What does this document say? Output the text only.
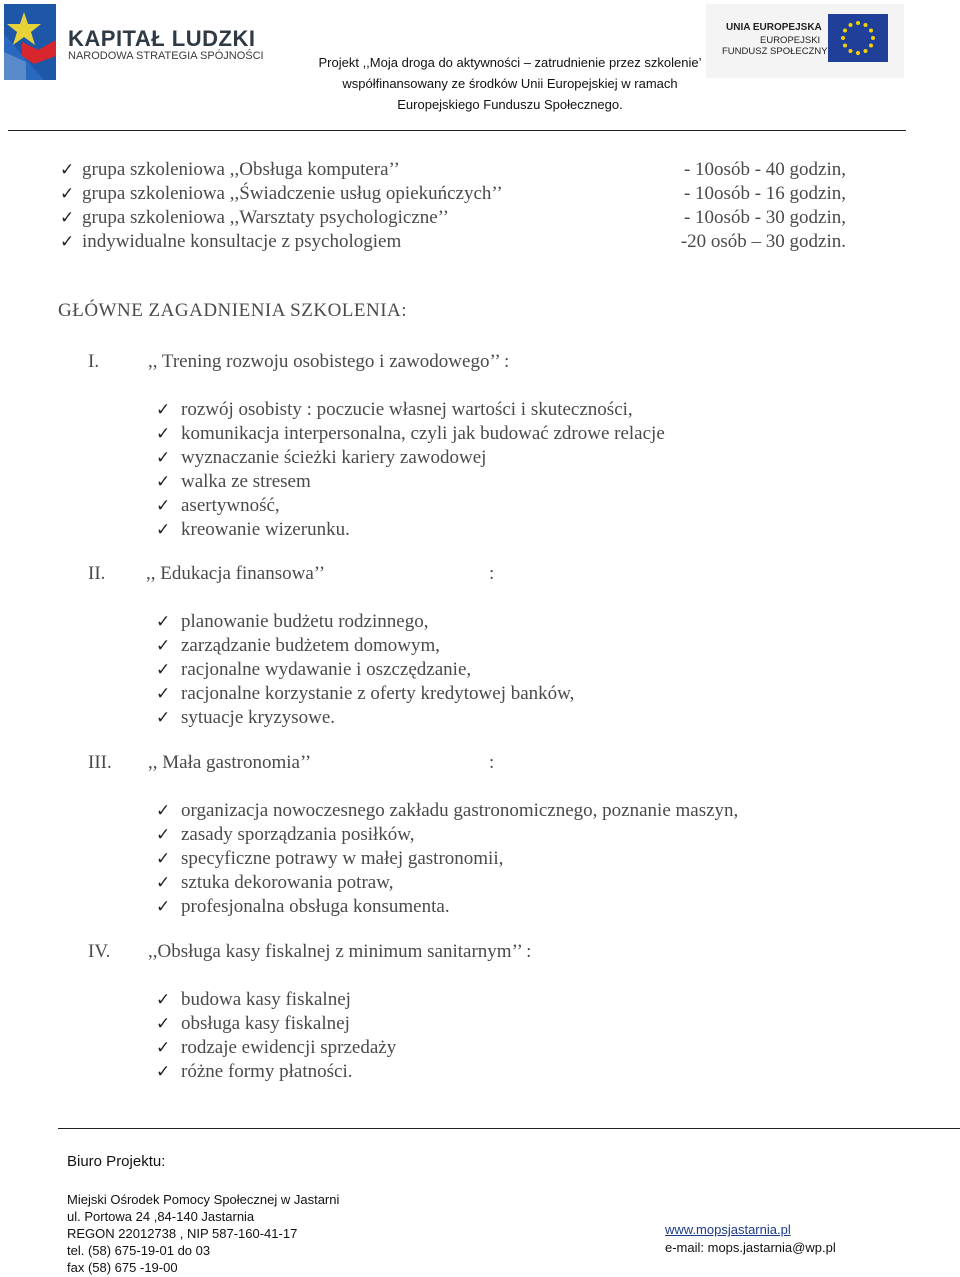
KAPITAŁ LUDZKI
NARODOWA STRATEGIA SPÓJNOŚCI	Projekt ,,Moja droga do aktywności – zatrudnienie przez szkolenie’
współfinansowany ze środków Unii Europejskiej w ramach
Europejskiego Funduszu Społecznego.
UNIA EUROPEJSKA
EUROPEJSKI
FUNDUSZ SPOŁECZNY
✓ grupa szkoleniowa ,,Obsługa komputera’’	- 10osób - 40 godzin,
✓ grupa szkoleniowa ,,Świadczenie usług opiekuńczych’’	- 10osób - 16 godzin,
✓ grupa szkoleniowa ,,Warsztaty psychologiczne’’	- 10osób - 30 godzin,
✓ indywidualne konsultacje z psychologiem	-20 osób – 30 godzin.
GŁÓWNE ZAGADNIENIA SZKOLENIA:
I.	,, Trening rozwoju osobistego i zawodowego’’ :
✓ rozwój osobisty : poczucie własnej wartości i skuteczności,
✓ komunikacja interpersonalna, czyli jak budować zdrowe relacje
✓ wyznaczanie ścieżki kariery zawodowej
✓ walka ze stresem
✓ asertywność,
✓ kreowanie wizerunku.
II. ,, Edukacja finansowa’’	:
✓ planowanie budżetu rodzinnego,
✓ zarządzanie budżetem domowym,
✓ racjonalne wydawanie i oszczędzanie,
✓ racjonalne korzystanie z oferty kredytowej banków,
✓ sytuacje kryzysowe.
III. ,, Mała gastronomia’’	:
✓ organizacja nowoczesnego zakładu gastronomicznego, poznanie maszyn,
✓ zasady sporządzania posiłków,
✓ specyficzne potrawy w małej gastronomii,
✓ sztuka dekorowania potraw,
✓ profesjonalna obsługa konsumenta.
IV. ,,Obsługa kasy fiskalnej z minimum sanitarnym’’ :
✓ budowa kasy fiskalnej
✓ obsługa kasy fiskalnej
✓ rodzaje ewidencji sprzedaży
✓ różne formy płatności.
Biuro Projektu:
Miejski Ośrodek Pomocy Społecznej w Jastarni
ul. Portowa 24 ,84-140 Jastarnia
REGON 22012738 , NIP 587-160-41-17
tel. (58) 675-19-01 do 03
fax (58) 675 -19-00
www.mopsjastarnia.pl
e-mail: mops.jastarnia@wp.pl
